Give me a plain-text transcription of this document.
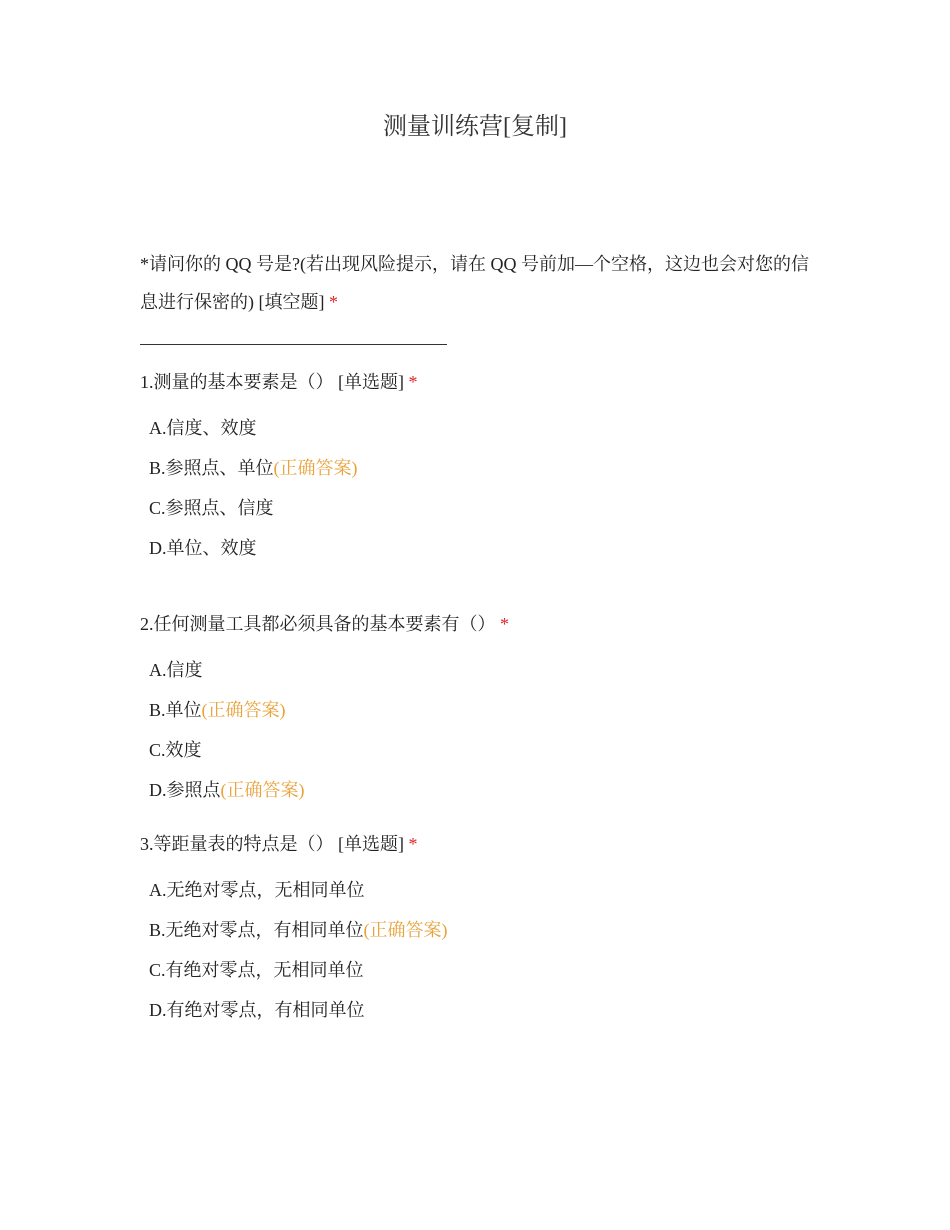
测量训练营[复制]
*请问你的 QQ 号是?(若出现风险提示，请在 QQ 号前加—个空格，这边也会对您的信息进行保密的) [填空题] *
1.测量的基本要素是（） [单选题] *
A.信度、效度
B.参照点、单位(正确答案)
C.参照点、信度
D.单位、效度
2.任何测量工具都必须具备的基本要素有（） *
A.信度
B.单位(正确答案)
C.效度
D.参照点(正确答案)
3.等距量表的特点是（） [单选题] *
A.无绝对零点，无相同单位
B.无绝对零点，有相同单位(正确答案)
C.有绝对零点，无相同单位
D.有绝对零点，有相同单位
